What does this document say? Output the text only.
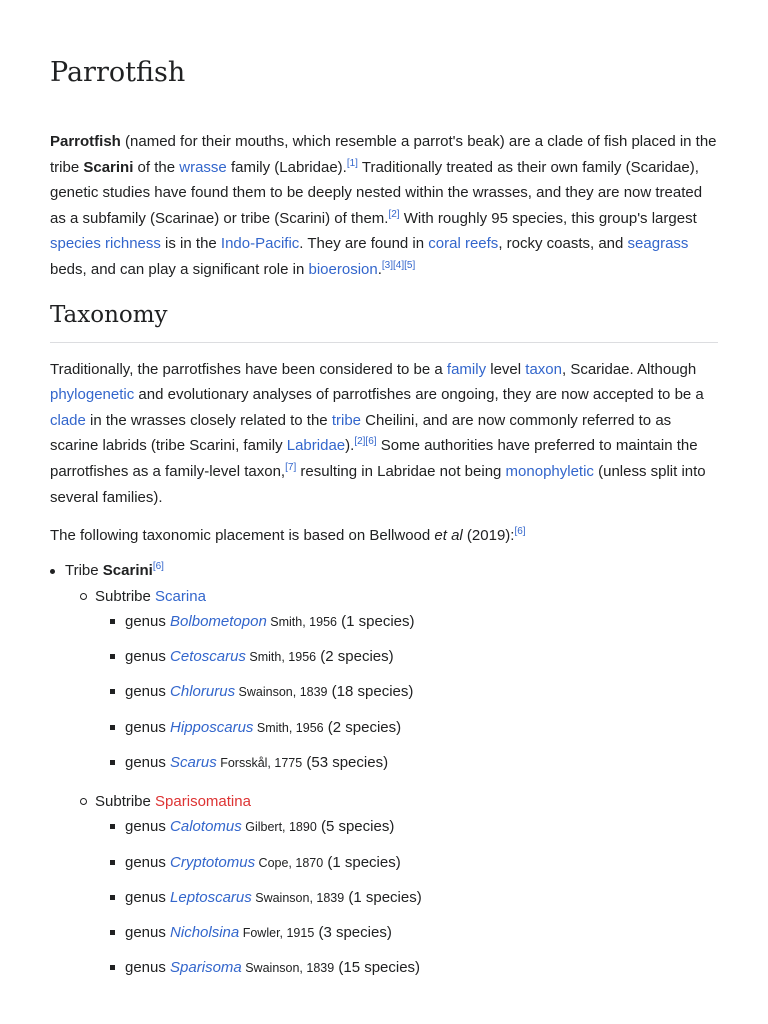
Parrotfish

Parrotfish (named for their mouths, which resemble a parrot's beak) are a clade of fish placed in the tribe Scarini of the wrasse family (Labridae).[1] Traditionally treated as their own family (Scaridae), genetic studies have found them to be deeply nested within the wrasses, and they are now treated as a subfamily (Scarinae) or tribe (Scarini) of them.[2] With roughly 95 species, this group's largest species richness is in the Indo-Pacific. They are found in coral reefs, rocky coasts, and seagrass beds, and can play a significant role in bioerosion.[3][4][5]

Taxonomy

Traditionally, the parrotfishes have been considered to be a family level taxon, Scaridae. Although phylogenetic and evolutionary analyses of parrotfishes are ongoing, they are now accepted to be a clade in the wrasses closely related to the tribe Cheilini, and are now commonly referred to as scarine labrids (tribe Scarini, family Labridae).[2][6] Some authorities have preferred to maintain the parrotfishes as a family-level taxon,[7] resulting in Labridae not being monophyletic (unless split into several families).

The following taxonomic placement is based on Bellwood et al (2019):[6]

Tribe Scarini[6]
Subtribe Scarina
genus Bolbometopon Smith, 1956 (1 species)
genus Cetoscarus Smith, 1956 (2 species)
genus Chlorurus Swainson, 1839 (18 species)
genus Hipposcarus Smith, 1956 (2 species)
genus Scarus Forsskål, 1775 (53 species)
Subtribe Sparisomatina
genus Calotomus Gilbert, 1890 (5 species)
genus Cryptotomus Cope, 1870 (1 species)
genus Leptoscarus Swainson, 1839 (1 species)
genus Nicholsina Fowler, 1915 (3 species)
genus Sparisoma Swainson, 1839 (15 species)
